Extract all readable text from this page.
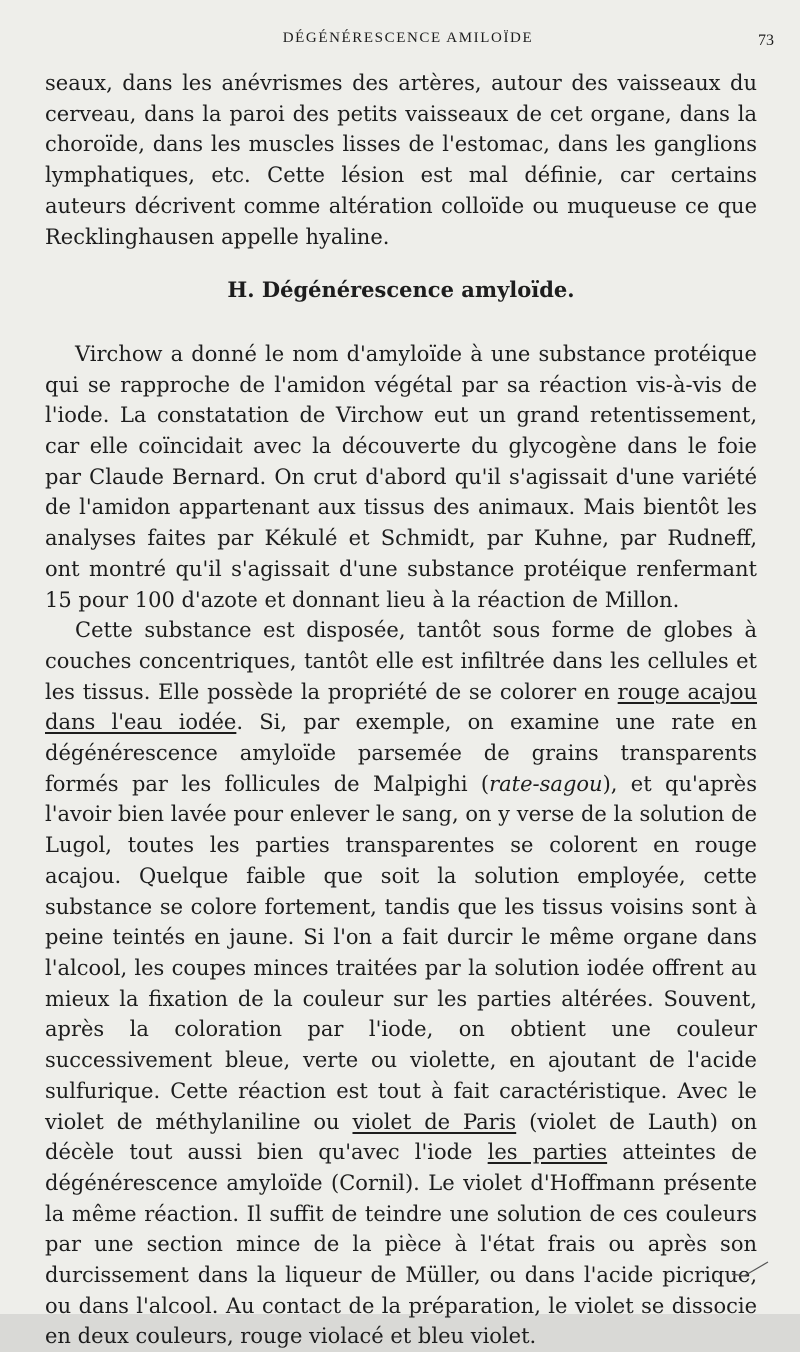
DÉGÉNÉRESCENCE AMILOÏDE	73

seaux, dans les anévrismes des artères, autour des vaisseaux du cerveau, dans la paroi des petits vaisseaux de cet organe, dans la choroïde, dans les muscles lisses de l'estomac, dans les ganglions lymphatiques, etc. Cette lésion est mal définie, car certains auteurs décrivent comme altération colloïde ou muqueuse ce que Recklinghausen appelle hyaline.

H. Dégénérescence amyloïde.

Virchow a donné le nom d'amyloïde à une substance protéique qui se rapproche de l'amidon végétal par sa réaction vis-à-vis de l'iode. La constatation de Virchow eut un grand retentissement, car elle coïncidait avec la découverte du glycogène dans le foie par Claude Bernard. On crut d'abord qu'il s'agissait d'une variété de l'amidon appartenant aux tissus des animaux. Mais bientôt les analyses faites par Kékulé et Schmidt, par Kuhne, par Rudneff, ont montré qu'il s'agissait d'une substance protéique renfermant 15 pour 100 d'azote et donnant lieu à la réaction de Millon.

Cette substance est disposée, tantôt sous forme de globes à couches concentriques, tantôt elle est infiltrée dans les cellules et les tissus. Elle possède la propriété de se colorer en rouge acajou dans l'eau iodée. Si, par exemple, on examine une rate en dégénérescence amyloïde parsemée de grains transparents formés par les follicules de Malpighi (rate-sagou), et qu'après l'avoir bien lavée pour enlever le sang, on y verse de la solution de Lugol, toutes les parties transparentes se colorent en rouge acajou. Quelque faible que soit la solution employée, cette substance se colore fortement, tandis que les tissus voisins sont à peine teintés en jaune. Si l'on a fait durcir le même organe dans l'alcool, les coupes minces traitées par la solution iodée offrent au mieux la fixation de la couleur sur les parties altérées. Souvent, après la coloration par l'iode, on obtient une couleur successivement bleue, verte ou violette, en ajoutant de l'acide sulfurique. Cette réaction est tout à fait caractéristique. Avec le violet de méthylaniline ou violet de Paris (violet de Lauth) on décèle tout aussi bien qu'avec l'iode les parties atteintes de dégénérescence amyloïde (Cornil). Le violet d'Hoffmann présente la même réaction. Il suffit de teindre une solution de ces couleurs par une section mince de la pièce à l'état frais ou après son durcissement dans la liqueur de Müller, ou dans l'acide picrique, ou dans l'alcool. Au contact de la préparation, le violet se dissocie en deux couleurs, rouge violacé et bleu violet.
